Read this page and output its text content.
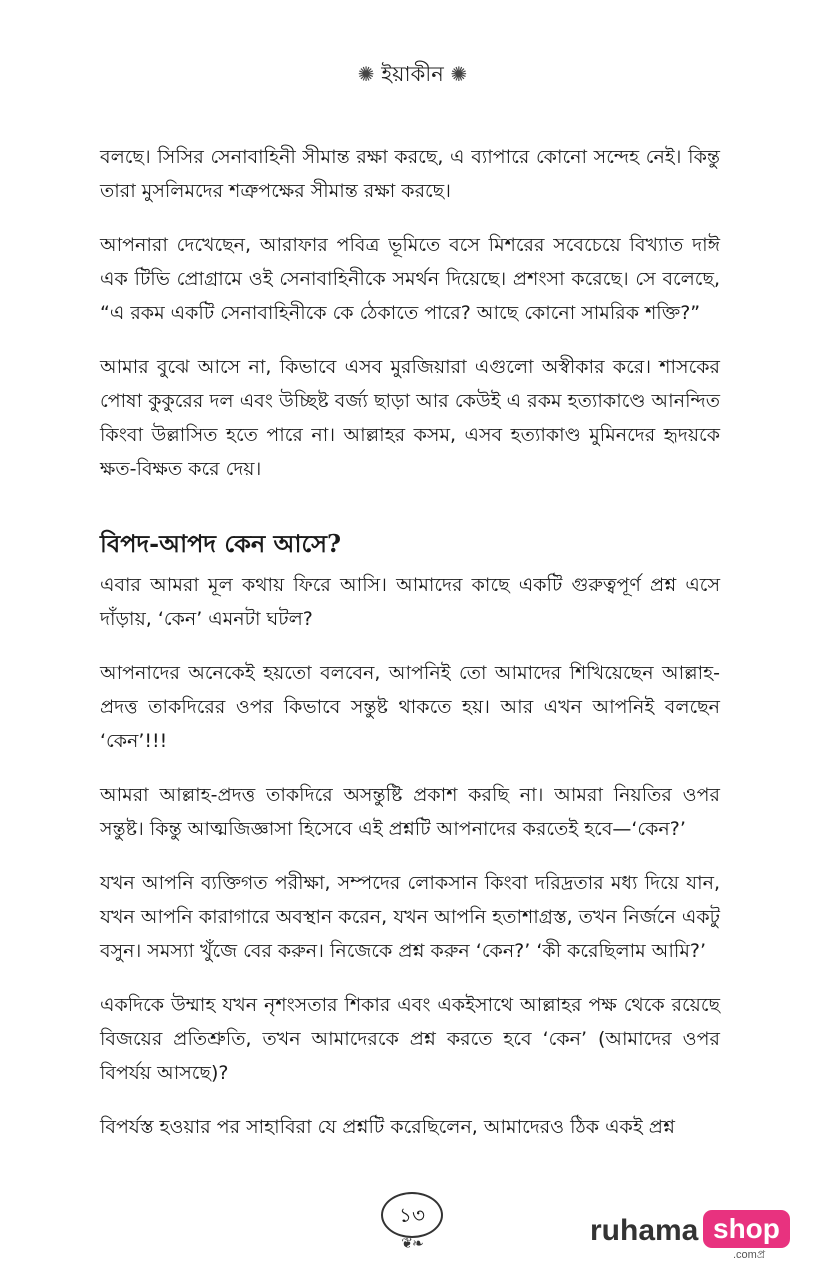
✺ ইয়াকীন ✺

বলছে। সিসির সেনাবাহিনী সীমান্ত রক্ষা করছে, এ ব্যাপারে কোনো সন্দেহ নেই। কিন্তু তারা মুসলিমদের শত্রুপক্ষের সীমান্ত রক্ষা করছে।

আপনারা দেখেছেন, আরাফার পবিত্র ভূমিতে বসে মিশরের সবেচেয়ে বিখ্যাত দাঈ এক টিভি প্রোগ্রামে ওই সেনাবাহিনীকে সমর্থন দিয়েছে। প্রশংসা করেছে। সে বলেছে, “এ রকম একটি সেনাবাহিনীকে কে ঠেকাতে পারে? আছে কোনো সামরিক শক্তি?”

আমার বুঝে আসে না, কিভাবে এসব মুরজিয়ারা এগুলো অস্বীকার করে। শাসকের পোষা কুকুরের দল এবং উচ্ছিষ্ট বর্জ্য ছাড়া আর কেউই এ রকম হত্যাকাণ্ডে আনন্দিত কিংবা উল্লাসিত হতে পারে না। আল্লাহর কসম, এসব হত্যাকাণ্ড মুমিনদের হৃদয়কে ক্ষত-বিক্ষত করে দেয়।

বিপদ-আপদ কেন আসে?

এবার আমরা মূল কথায় ফিরে আসি। আমাদের কাছে একটি গুরুত্বপূর্ণ প্রশ্ন এসে দাঁড়ায়, ‘কেন’ এমনটা ঘটল?

আপনাদের অনেকেই হয়তো বলবেন, আপনিই তো আমাদের শিখিয়েছেন আল্লাহ-প্রদত্ত তাকদিরের ওপর কিভাবে সন্তুষ্ট থাকতে হয়। আর এখন আপনিই বলছেন ‘কেন’!!!

আমরা আল্লাহ-প্রদত্ত তাকদিরে অসন্তুষ্টি প্রকাশ করছি না। আমরা নিয়তির ওপর সন্তুষ্ট। কিন্তু আত্মজিজ্ঞাসা হিসেবে এই প্রশ্নটি আপনাদের করতেই হবে—‘কেন?’

যখন আপনি ব্যক্তিগত পরীক্ষা, সম্পদের লোকসান কিংবা দরিদ্রতার মধ্য দিয়ে যান, যখন আপনি কারাগারে অবস্থান করেন, যখন আপনি হতাশাগ্রস্ত, তখন নির্জনে একটু বসুন। সমস্যা খুঁজে বের করুন। নিজেকে প্রশ্ন করুন ‘কেন?’ ‘কী করেছিলাম আমি?’

একদিকে উম্মাহ যখন নৃশংসতার শিকার এবং একইসাথে আল্লাহর পক্ষ থেকে রয়েছে বিজয়ের প্রতিশ্রুতি, তখন আমাদেরকে প্রশ্ন করতে হবে ‘কেন’ (আমাদের ওপর বিপর্যয় আসছে)?

বিপর্যস্ত হওয়ার পর সাহাবিরা যে প্রশ্নটি করেছিলেন, আমাদেরও ঠিক একই প্রশ্ন

১৩
❦❧	ruhama shop
.comপ্র
